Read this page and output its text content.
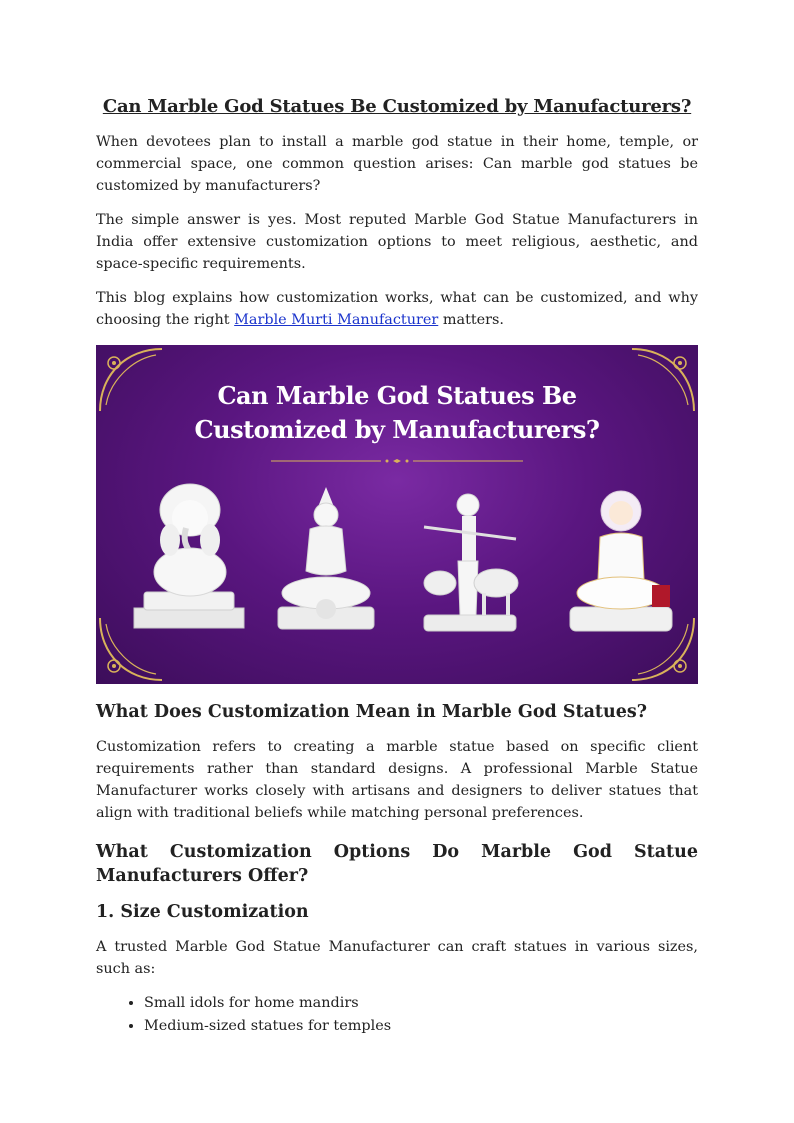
Can Marble God Statues Be Customized by Manufacturers?

When devotees plan to install a marble god statue in their home, temple, or commercial space, one common question arises: Can marble god statues be customized by manufacturers?

The simple answer is yes. Most reputed Marble God Statue Manufacturers in India offer extensive customization options to meet religious, aesthetic, and space-specific requirements.

This blog explains how customization works, what can be customized, and why choosing the right Marble Murti Manufacturer matters.

Can Marble God Statues Be
Customized by Manufacturers?
What Does Customization Mean in Marble God Statues?

Customization refers to creating a marble statue based on specific client requirements rather than standard designs. A professional Marble Statue Manufacturer works closely with artisans and designers to deliver statues that align with traditional beliefs while matching personal preferences.

What Customization Options Do Marble God Statue Manufacturers Offer?
1. Size Customization

A trusted Marble God Statue Manufacturer can craft statues in various sizes, such as:

• Small idols for home mandirs
• Medium-sized statues for temples
